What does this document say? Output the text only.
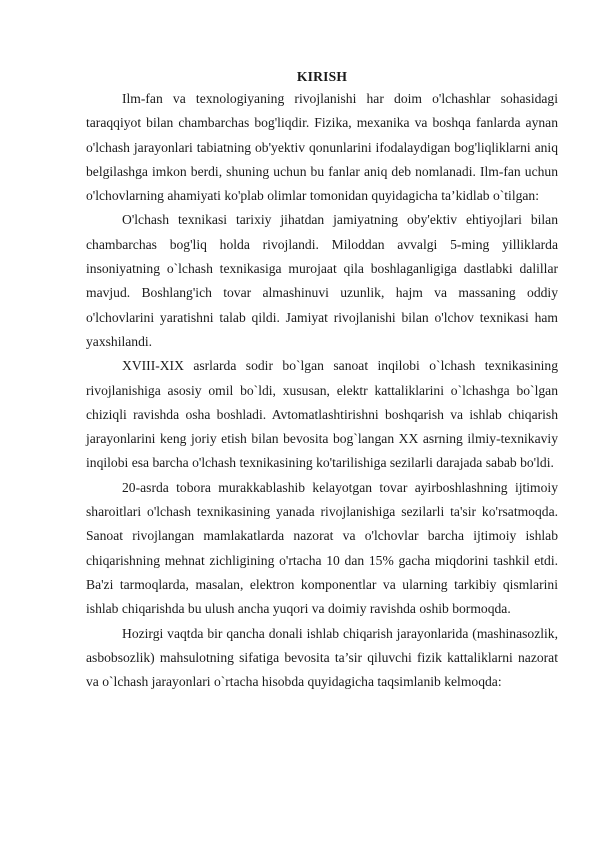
KIRISH

Ilm-fan va texnologiyaning rivojlanishi har doim o'lchashlar sohasidagi taraqqiyot bilan chambarchas bog'liqdir. Fizika, mexanika va boshqa fanlarda aynan o'lchash jarayonlari tabiatning ob'yektiv qonunlarini ifodalaydigan bog'liqliklarni aniq belgilashga imkon berdi, shuning uchun bu fanlar aniq deb nomlanadi. Ilm-fan uchun o'lchovlarning ahamiyati ko'plab olimlar tomonidan quyidagicha ta’kidlab o`tilgan:

O'lchash texnikasi tarixiy jihatdan jamiyatning oby'ektiv ehtiyojlari bilan chambarchas bog'liq holda rivojlandi. Miloddan avvalgi 5-ming yilliklarda insoniyatning o`lchash texnikasiga murojaat qila boshlaganligiga dastlabki dalillar mavjud. Boshlang'ich tovar almashinuvi uzunlik, hajm va massaning oddiy o'lchovlarini yaratishni talab qildi. Jamiyat rivojlanishi bilan o'lchov texnikasi ham yaxshilandi.

XVIII-XIX asrlarda sodir bo`lgan sanoat inqilobi o`lchash texnikasining rivojlanishiga asosiy omil bo`ldi, xususan, elektr kattaliklarini o`lchashga bo`lgan chiziqli ravishda osha boshladi. Avtomatlashtirishni boshqarish va ishlab chiqarish jarayonlarini keng joriy etish bilan bevosita bog`langan XX asrning ilmiy-texnikaviy inqilobi esa barcha o'lchash texnikasining ko'tarilishiga sezilarli darajada sabab bo'ldi.

20-asrda tobora murakkablashib kelayotgan tovar ayirboshlashning ijtimoiy sharoitlari o'lchash texnikasining yanada rivojlanishiga sezilarli ta'sir ko'rsatmoqda. Sanoat rivojlangan mamlakatlarda nazorat va o'lchovlar barcha ijtimoiy ishlab chiqarishning mehnat zichligining o'rtacha 10 dan 15% gacha miqdorini tashkil etdi. Ba'zi tarmoqlarda, masalan, elektron komponentlar va ularning tarkibiy qismlarini ishlab chiqarishda bu ulush ancha yuqori va doimiy ravishda oshib bormoqda.

Hozirgi vaqtda bir qancha donali ishlab chiqarish jarayonlarida (mashinasozlik, asbobsozlik) mahsulotning sifatiga bevosita ta’sir qiluvchi fizik kattaliklarni nazorat va o`lchash jarayonlari o`rtacha hisobda quyidagicha taqsimlanib kelmoqda:
